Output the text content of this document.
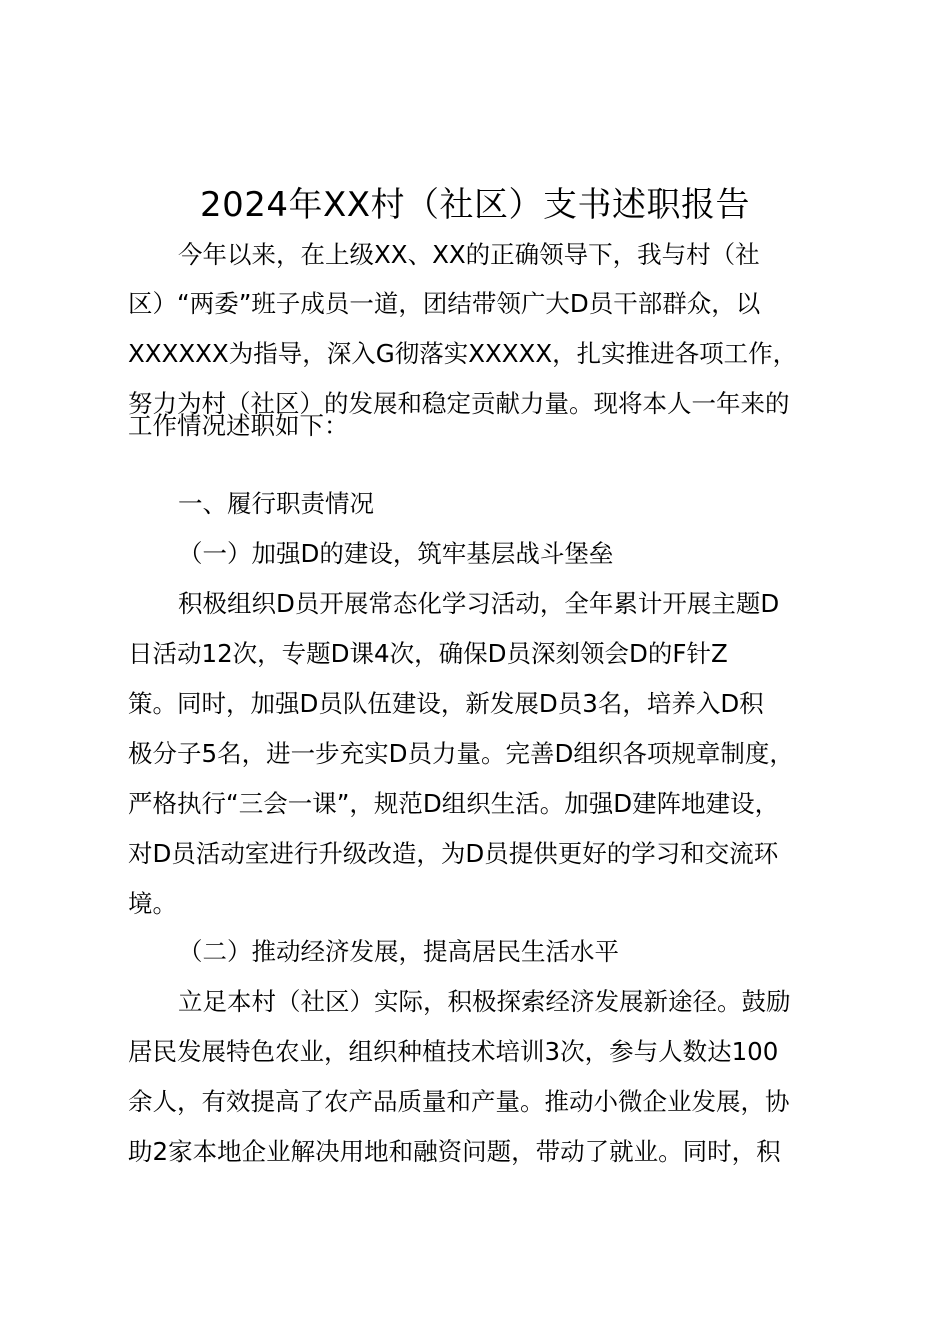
2024年XX村（社区）支书述职报告
今年以来，在上级XX、XX的正确领导下，我与村（社
区）“两委”班子成员一道，团结带领广大D员干部群众，以
XXXXXX为指导，深入G彻落实XXXXX，扎实推进各项工作，
努力为村（社区）的发展和稳定贡献力量。现将本人一年来的
工作情况述职如下：
一、履行职责情况
（一）加强D的建设，筑牢基层战斗堡垒
积极组织D员开展常态化学习活动，全年累计开展主题D
日活动12次，专题D课4次，确保D员深刻领会D的F针Z
策。同时，加强D员队伍建设，新发展D员3名，培养入D积
极分子5名，进一步充实D员力量。完善D组织各项规章制度，
严格执行“三会一课”，规范D组织生活。加强D建阵地建设，
对D员活动室进行升级改造，为D员提供更好的学习和交流环
境。
（二）推动经济发展，提高居民生活水平
立足本村（社区）实际，积极探索经济发展新途径。鼓励
居民发展特色农业，组织种植技术培训3次，参与人数达100
余人，有效提高了农产品质量和产量。推动小微企业发展，协
助2家本地企业解决用地和融资问题，带动了就业。同时，积
